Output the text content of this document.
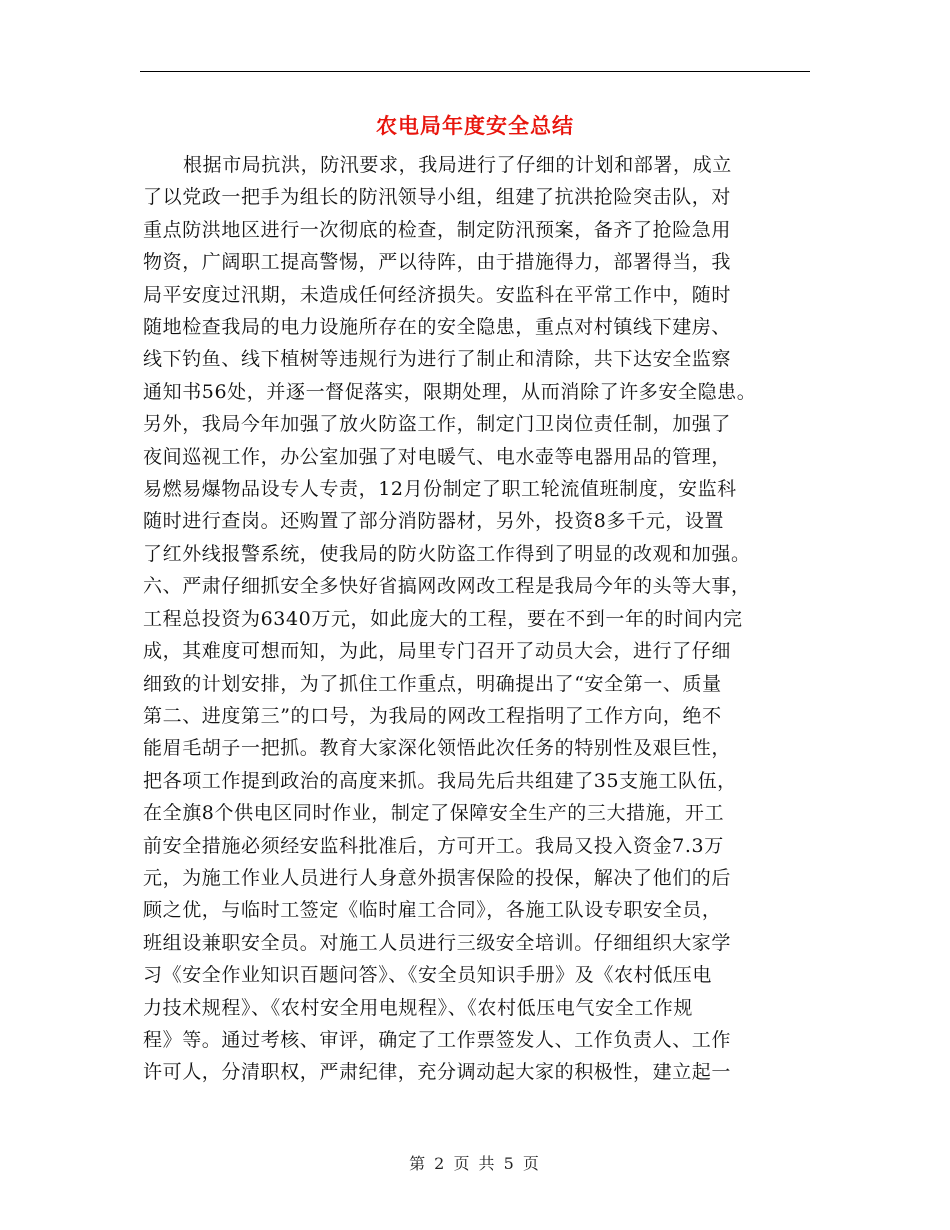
农电局年度安全总结
根据市局抗洪，防汛要求，我局进行了仔细的计划和部署，成立
了以党政一把手为组长的防汛领导小组，组建了抗洪抢险突击队，对
重点防洪地区进行一次彻底的检查，制定防汛预案，备齐了抢险急用
物资，广阔职工提高警惕，严以待阵，由于措施得力，部署得当，我
局平安度过汛期，未造成任何经济损失。安监科在平常工作中，随时
随地检查我局的电力设施所存在的安全隐患，重点对村镇线下建房、
线下钓鱼、线下植树等违规行为进行了制止和清除，共下达安全监察
通知书56处，并逐一督促落实，限期处理，从而消除了许多安全隐患。
另外，我局今年加强了放火防盗工作，制定门卫岗位责任制，加强了
夜间巡视工作，办公室加强了对电暖气、电水壶等电器用品的管理，
易燃易爆物品设专人专责，12月份制定了职工轮流值班制度，安监科
随时进行查岗。还购置了部分消防器材，另外，投资8多千元，设置
了红外线报警系统，使我局的防火防盗工作得到了明显的改观和加强。
六、严肃仔细抓安全多快好省搞网改网改工程是我局今年的头等大事，
工程总投资为6340万元，如此庞大的工程，要在不到一年的时间内完
成，其难度可想而知，为此，局里专门召开了动员大会，进行了仔细
细致的计划安排，为了抓住工作重点，明确提出了“安全第一、质量
第二、进度第三”的口号，为我局的网改工程指明了工作方向，绝不
能眉毛胡子一把抓。教育大家深化领悟此次任务的特别性及艰巨性，
把各项工作提到政治的高度来抓。我局先后共组建了35支施工队伍，
在全旗8个供电区同时作业，制定了保障安全生产的三大措施，开工
前安全措施必须经安监科批准后，方可开工。我局又投入资金7.3万
元，为施工作业人员进行人身意外损害保险的投保，解决了他们的后
顾之优，与临时工签定《临时雇工合同》，各施工队设专职安全员，
班组设兼职安全员。对施工人员进行三级安全培训。仔细组织大家学
习《安全作业知识百题问答》、《安全员知识手册》及《农村低压电
力技术规程》、《农村安全用电规程》、《农村低压电气安全工作规
程》等。通过考核、审评，确定了工作票签发人、工作负责人、工作
许可人，分清职权，严肃纪律，充分调动起大家的积极性，建立起一
第 2 页 共 5 页
